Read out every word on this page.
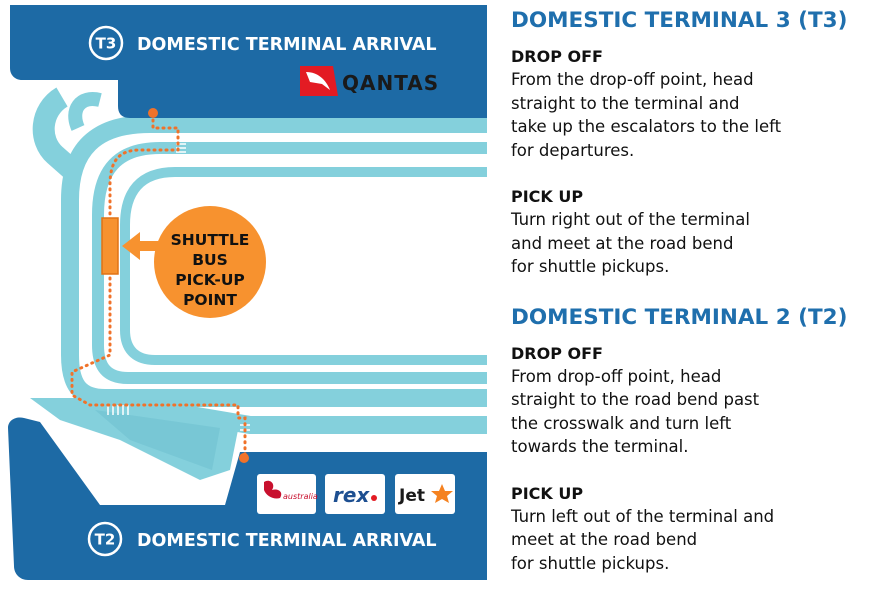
T3 DOMESTIC TERMINAL ARRIVAL
QANTAS
T2 DOMESTIC TERMINAL ARRIVAL
australia rex Jet
SHUTTLE
BUS
PICK-UP
POINT
DOMESTIC TERMINAL 3 (T3)
DROP OFF

From the drop-off point, head
straight to the terminal and
take up the escalators to the left
for departures.

PICK UP

Turn right out of the terminal
and meet at the road bend
for shuttle pickups.

DOMESTIC TERMINAL 2 (T2)
DROP OFF

From drop-off point, head
straight to the road bend past
the crosswalk and turn left
towards the terminal.

PICK UP

Turn left out of the terminal and
meet at the road bend
for shuttle pickups.
